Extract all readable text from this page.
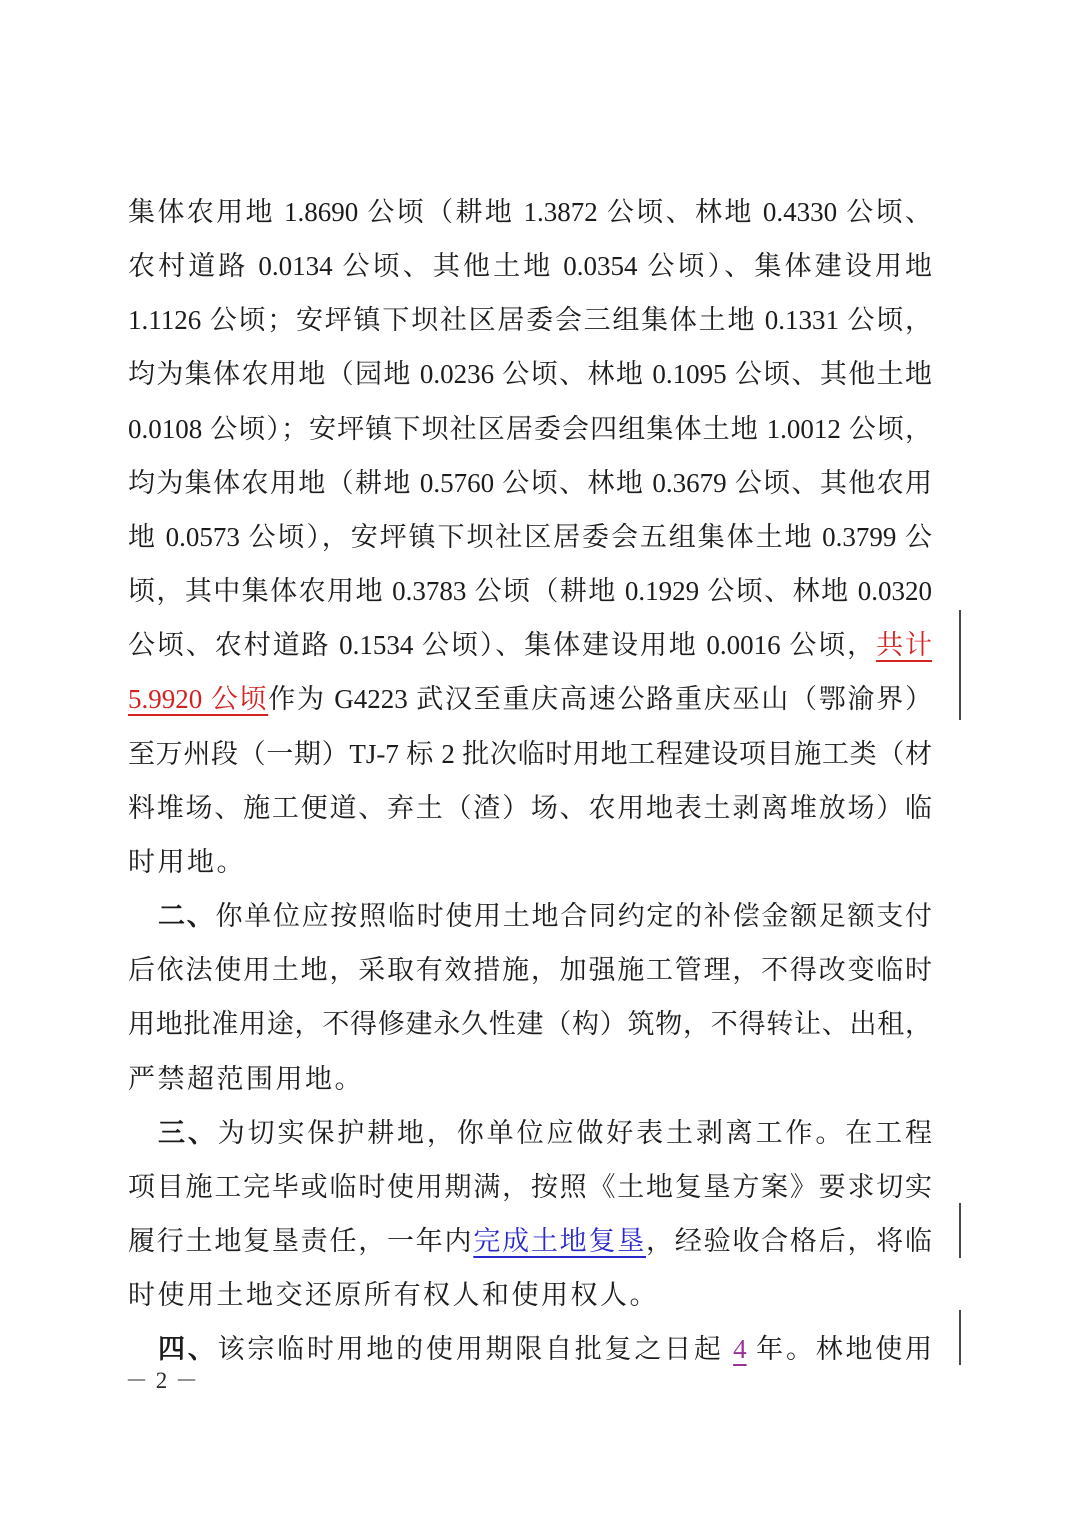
集体农用地 1.8690 公顷（耕地 1.3872 公顷、林地 0.4330 公顷、
农村道路 0.0134 公顷、其他土地 0.0354 公顷）、集体建设用地
1.1126 公顷；安坪镇下坝社区居委会三组集体土地 0.1331 公顷，
均为集体农用地（园地 0.0236 公顷、林地 0.1095 公顷、其他土地
0.0108 公顷）；安坪镇下坝社区居委会四组集体土地 1.0012 公顷，
均为集体农用地（耕地 0.5760 公顷、林地 0.3679 公顷、其他农用
地 0.0573 公顷），安坪镇下坝社区居委会五组集体土地 0.3799 公
顷，其中集体农用地 0.3783 公顷（耕地 0.1929 公顷、林地 0.0320
公顷、农村道路 0.1534 公顷）、集体建设用地 0.0016 公顷，共计
5.9920 公顷作为 G4223 武汉至重庆高速公路重庆巫山（鄂渝界）
至万州段（一期）TJ-7 标 2 批次临时用地工程建设项目施工类（材
料堆场、施工便道、弃土（渣）场、农用地表土剥离堆放场）临
时用地。
二、你单位应按照临时使用土地合同约定的补偿金额足额支付
后依法使用土地，采取有效措施，加强施工管理，不得改变临时
用地批准用途，不得修建永久性建（构）筑物，不得转让、出租，
严禁超范围用地。
三、为切实保护耕地，你单位应做好表土剥离工作。在工程
项目施工完毕或临时使用期满，按照《土地复垦方案》要求切实
履行土地复垦责任，一年内完成土地复垦，经验收合格后，将临
时使用土地交还原所有权人和使用权人。
四、该宗临时用地的使用期限自批复之日起 4 年。林地使用
－ 2 －
